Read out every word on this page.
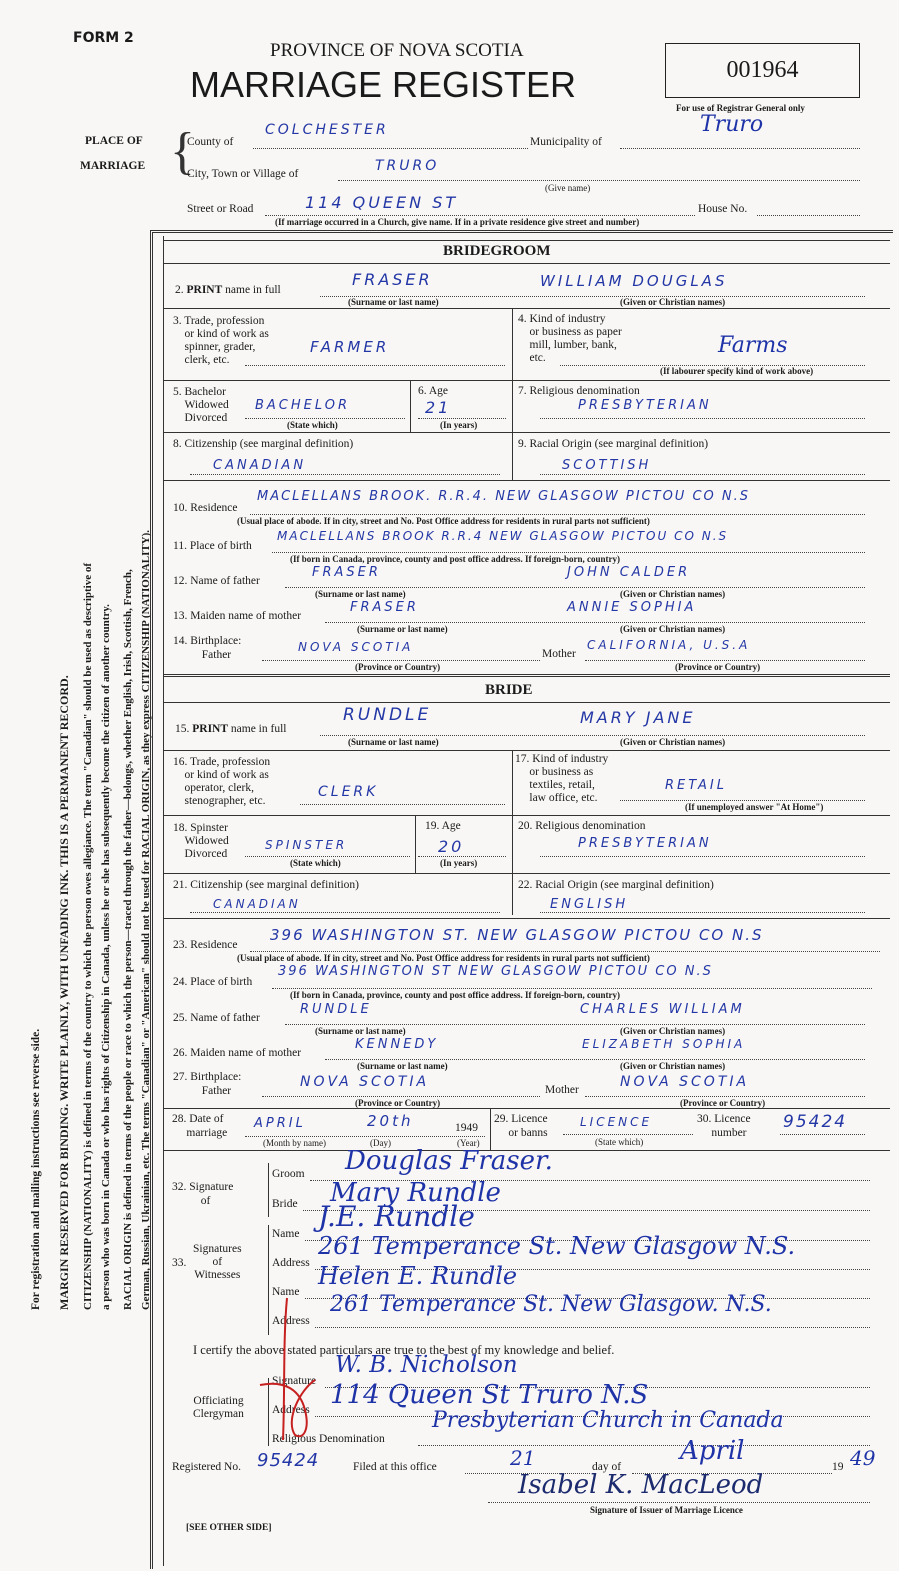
For registration and mailing instructions see reverse side. MARGIN RESERVED FOR BINDING. WRITE PLAINLY, WITH UNFADING INK. THIS IS A PERMANENT RECORD. CITIZENSHIP (NATIONALITY) is defined in terms of the country to which the person owes allegiance. The term "Canadian" should be used as descriptive of a person who was born in Canada or who has rights of Citizenship in Canada, unless he or she has subsequently become the citizen of another country. RACIAL ORIGIN is defined in terms of the people or race to which the person—traced through the father—belongs, whether English, Irish, Scottish, French, German, Russian, Ukrainian, etc. The terms "Canadian" or "American" should not be used for RACIAL ORIGIN, as they express CITIZENSHIP (NATIONALITY).
FORM 2
PROVINCE OF NOVA SCOTIA
MARRIAGE REGISTER	001964
For use of Registrar General only
PLACE OF
MARRIAGE {
County of
COLCHESTER
Municipality of
Truro
City, Town or Village of	TRURO
(Give name)
Street or Road	114 QUEEN ST	House No.
(If marriage occurred in a Church, give name. If in a private residence give street and number)
BRIDEGROOM
2. PRINT name in full
FRASER	WILLIAM DOUGLAS
(Surname or last name)	(Given or Christian names)
3. Trade, profession
or kind of work as
spinner, grader,
clerk, etc.
FARMER
4. Kind of industry
or business as paper
mill, lumber, bank,
etc.	Farms
(If labourer specify kind of work above)
5. Bachelor
Widowed
Divorced
BACHELOR
(State which)
6. Age
21
(In years)
7. Religious denomination
PRESBYTERIAN
8. Citizenship (see marginal definition)
CANADIAN
9. Racial Origin (see marginal definition)
SCOTTISH
10. Residence
MACLELLANS BROOK. R.R.4. NEW GLASGOW PICTOU CO N.S
(Usual place of abode. If in city, street and No. Post Office address for residents in rural parts not sufficient)
11. Place of birth
MACLELLANS BROOK R.R.4 NEW GLASGOW PICTOU CO N.S
(If born in Canada, province, county and post office address. If foreign-born, country)
12. Name of father
FRASER	JOHN CALDER
(Surname or last name)	(Given or Christian names)
13. Maiden name of mother
FRASER	ANNIE SOPHIA
(Surname or last name)	(Given or Christian names)
14. Birthplace:
Father
NOVA SCOTIA	Mother
CALIFORNIA, U.S.A
(Province or Country)	(Province or Country)
BRIDE
15. PRINT name in full
RUNDLE	MARY JANE
(Surname or last name)	(Given or Christian names)
16. Trade, profession
or kind of work as
operator, clerk,
stenographer, etc.
CLERK
17. Kind of industry
or business as
textiles, retail,
law office, etc.
RETAIL
(If unemployed answer "At Home")
18. Spinster
Widowed
Divorced
SPINSTER
(State which)
19. Age
20
(In years)
20. Religious denomination
PRESBYTERIAN
21. Citizenship (see marginal definition)
CANADIAN
22. Racial Origin (see marginal definition)
ENGLISH
23. Residence
396 WASHINGTON ST. NEW GLASGOW PICTOU CO N.S
(Usual place of abode. If in city, street and No. Post Office address for residents in rural parts not sufficient)
24. Place of birth
396 WASHINGTON ST NEW GLASGOW PICTOU CO N.S
(If born in Canada, province, county and post office address. If foreign-born, country)
25. Name of father
RUNDLE	CHARLES WILLIAM
(Surname or last name)	(Given or Christian names)
26. Maiden name of mother
KENNEDY	ELIZABETH SOPHIA
(Surname or last name)	(Given or Christian names)
27. Birthplace:
Father
NOVA SCOTIA	Mother	NOVA SCOTIA
(Province or Country)	(Province or Country)
28. Date of
marriage
APRIL	20th	1949
(Month by name)	(Day)	(Year)
29. Licence
or banns
LICENCE
(State which)
30. Licence
number
95424
32. Signature
of
Groom Douglas Fraser.
Bride Mary Rundle
33.
Signatures
of
Witnesses
Name
J.E. Rundle
Address
261 Temperance St. New Glasgow N.S.
Name
Helen E. Rundle
Address
261 Temperance St. New Glasgow. N.S.
I certify the above stated particulars are true to the best of my knowledge and belief.
Officiating
Clergyman
Signature
W. B. Nicholson
Address 114 Queen St Truro N.S
Religious Denomination
Presbyterian Church in Canada
Registered No. 95424	Filed at this office	21	day of
April
19 49
Isabel K. MacLeod
Signature of Issuer of Marriage Licence
[SEE OTHER SIDE]
